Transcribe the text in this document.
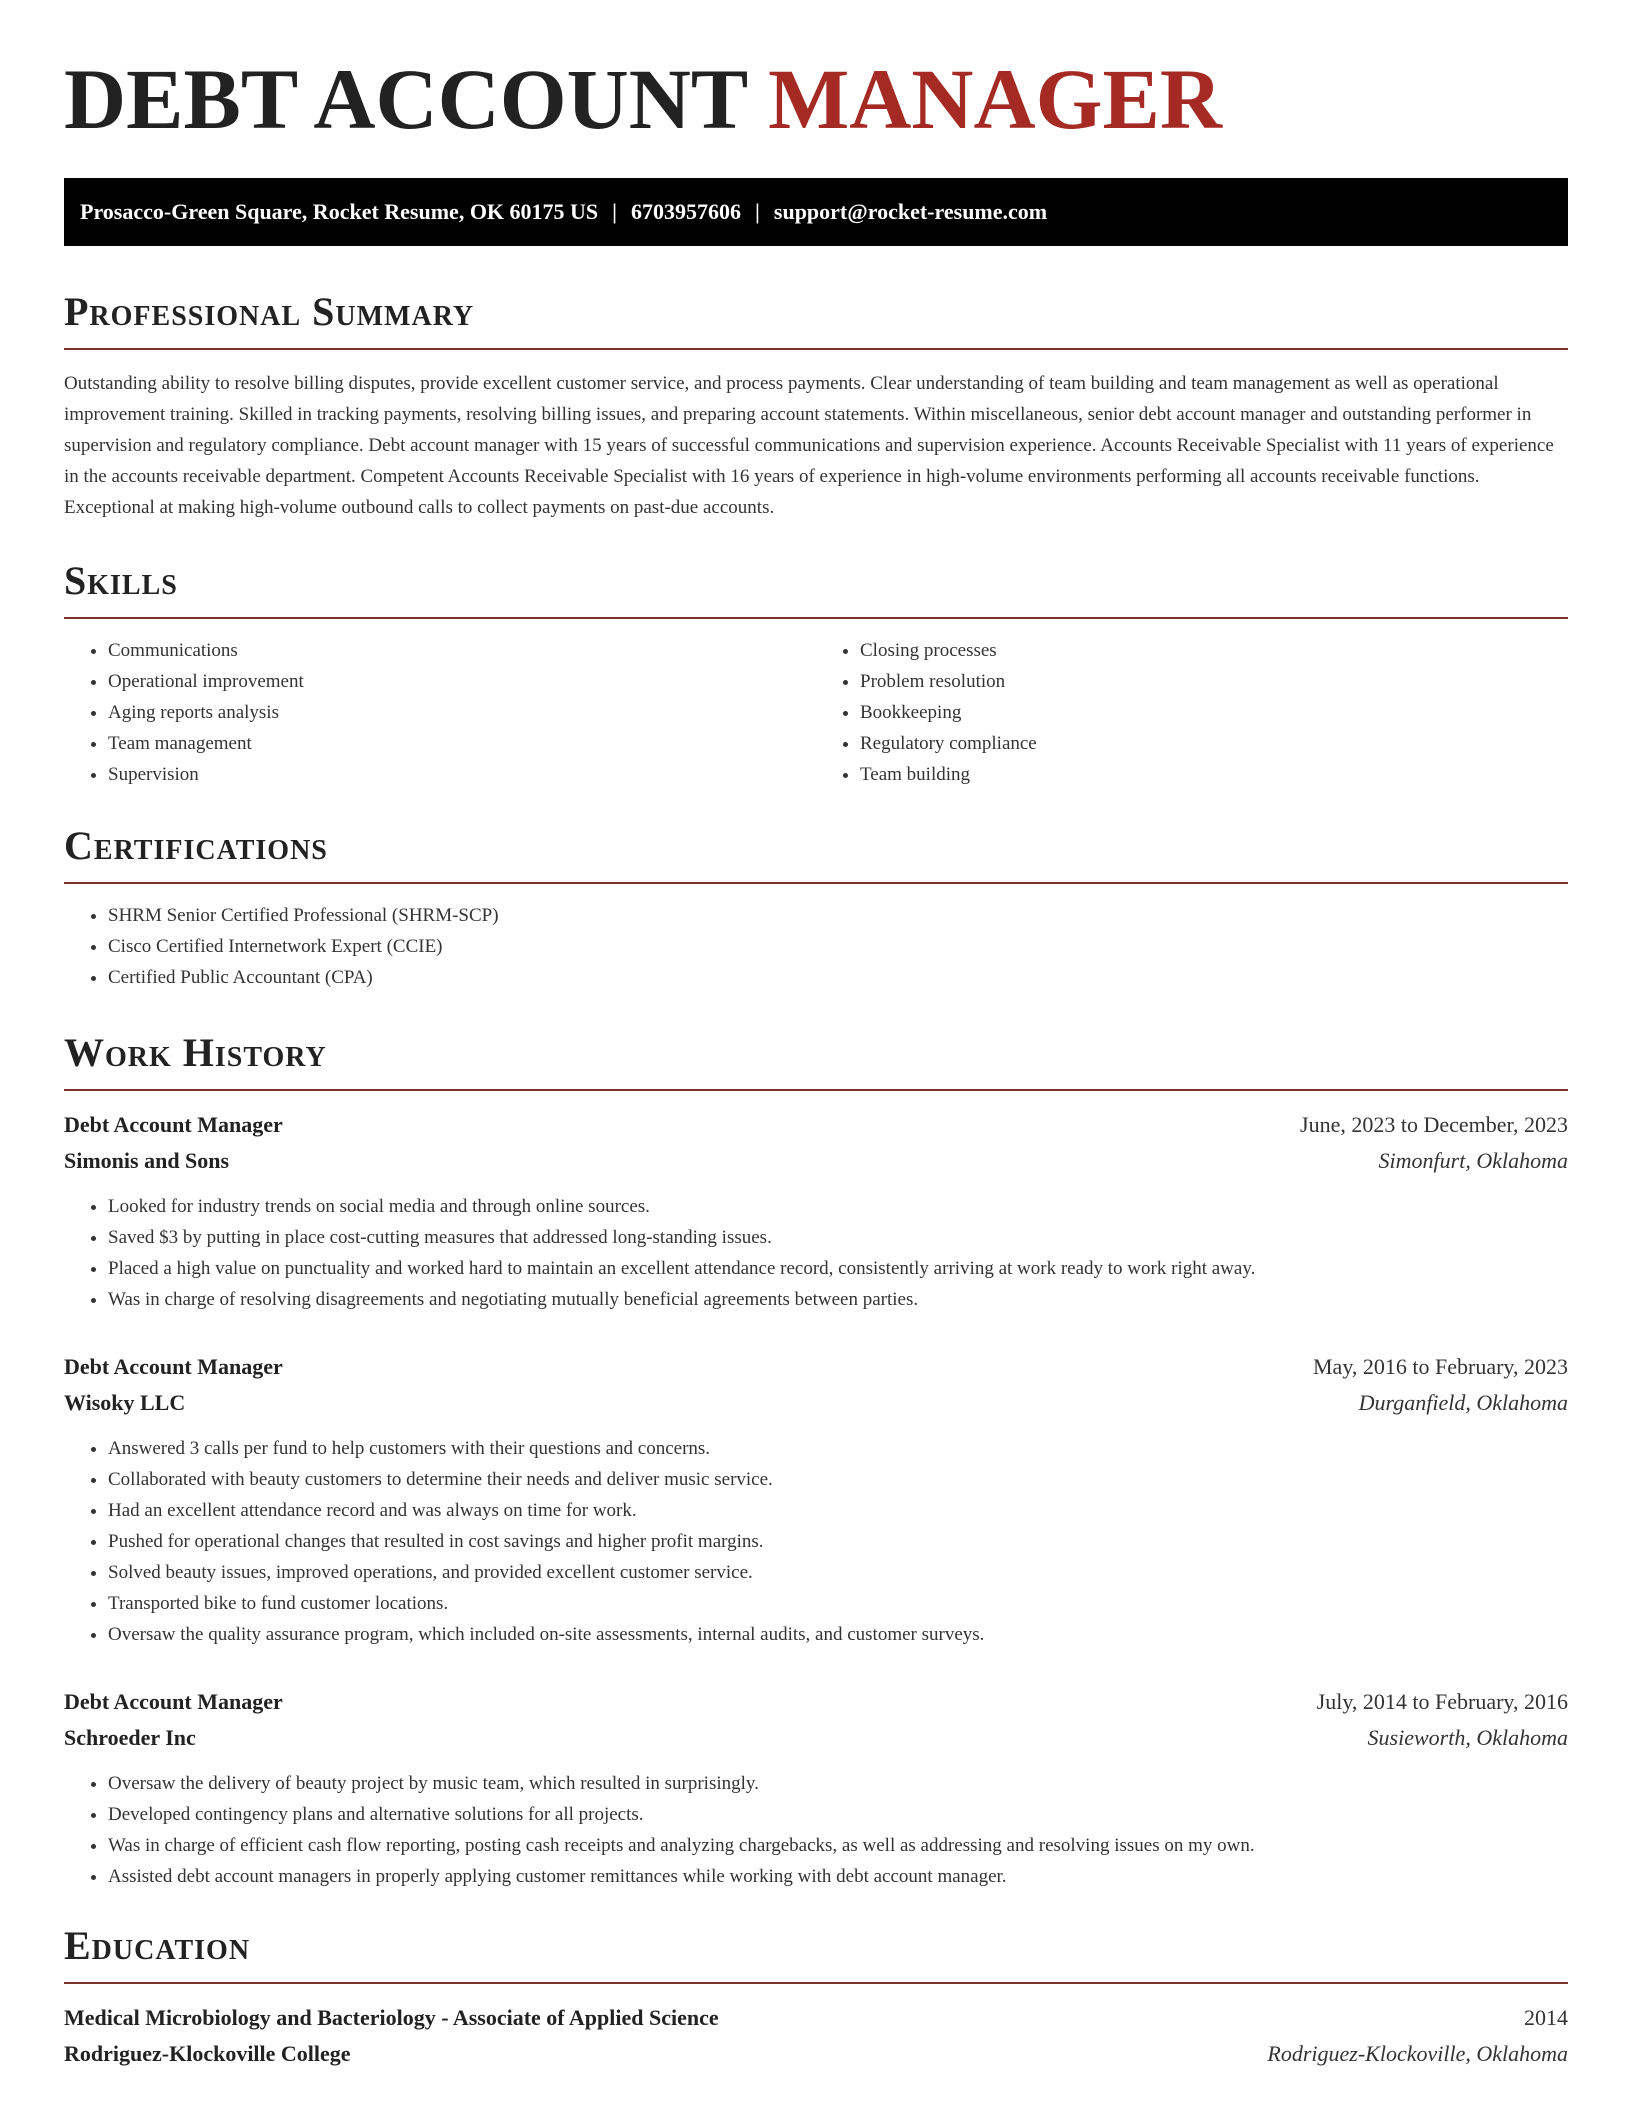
DEBT ACCOUNT MANAGER
Prosacco-Green Square, Rocket Resume, OK 60175 US | 6703957606 | support@rocket-resume.com
Professional Summary

Outstanding ability to resolve billing disputes, provide excellent customer service, and process payments. Clear understanding of team building and team management as well as operational improvement training. Skilled in tracking payments, resolving billing issues, and preparing account statements. Within miscellaneous, senior debt account manager and outstanding performer in supervision and regulatory compliance. Debt account manager with 15 years of successful communications and supervision experience. Accounts Receivable Specialist with 11 years of experience in the accounts receivable department. Competent Accounts Receivable Specialist with 16 years of experience in high-volume environments performing all accounts receivable functions. Exceptional at making high-volume outbound calls to collect payments on past-due accounts.

Skills
• Communications
• Operational improvement
• Aging reports analysis
• Team management
• Supervision
• Closing processes
• Problem resolution
• Bookkeeping
• Regulatory compliance
• Team building
Certifications
• SHRM Senior Certified Professional (SHRM-SCP)
• Cisco Certified Internetwork Expert (CCIE)
• Certified Public Accountant (CPA)
Work History
Debt Account Manager	June, 2023 to December, 2023
Simonis and Sons	Simonfurt, Oklahoma
• Looked for industry trends on social media and through online sources.
• Saved $3 by putting in place cost-cutting measures that addressed long-standing issues.
• Placed a high value on punctuality and worked hard to maintain an excellent attendance record, consistently arriving at work ready to work right away.
• Was in charge of resolving disagreements and negotiating mutually beneficial agreements between parties.
Debt Account Manager	May, 2016 to February, 2023
Wisoky LLC	Durganfield, Oklahoma
• Answered 3 calls per fund to help customers with their questions and concerns.
• Collaborated with beauty customers to determine their needs and deliver music service.
• Had an excellent attendance record and was always on time for work.
• Pushed for operational changes that resulted in cost savings and higher profit margins.
• Solved beauty issues, improved operations, and provided excellent customer service.
• Transported bike to fund customer locations.
• Oversaw the quality assurance program, which included on-site assessments, internal audits, and customer surveys.
Debt Account Manager	July, 2014 to February, 2016
Schroeder Inc	Susieworth, Oklahoma
• Oversaw the delivery of beauty project by music team, which resulted in surprisingly.
• Developed contingency plans and alternative solutions for all projects.
• Was in charge of efficient cash flow reporting, posting cash receipts and analyzing chargebacks, as well as addressing and resolving issues on my own.
• Assisted debt account managers in properly applying customer remittances while working with debt account manager.
Education
Medical Microbiology and Bacteriology - Associate of Applied Science	2014
Rodriguez-Klockoville College	Rodriguez-Klockoville, Oklahoma
